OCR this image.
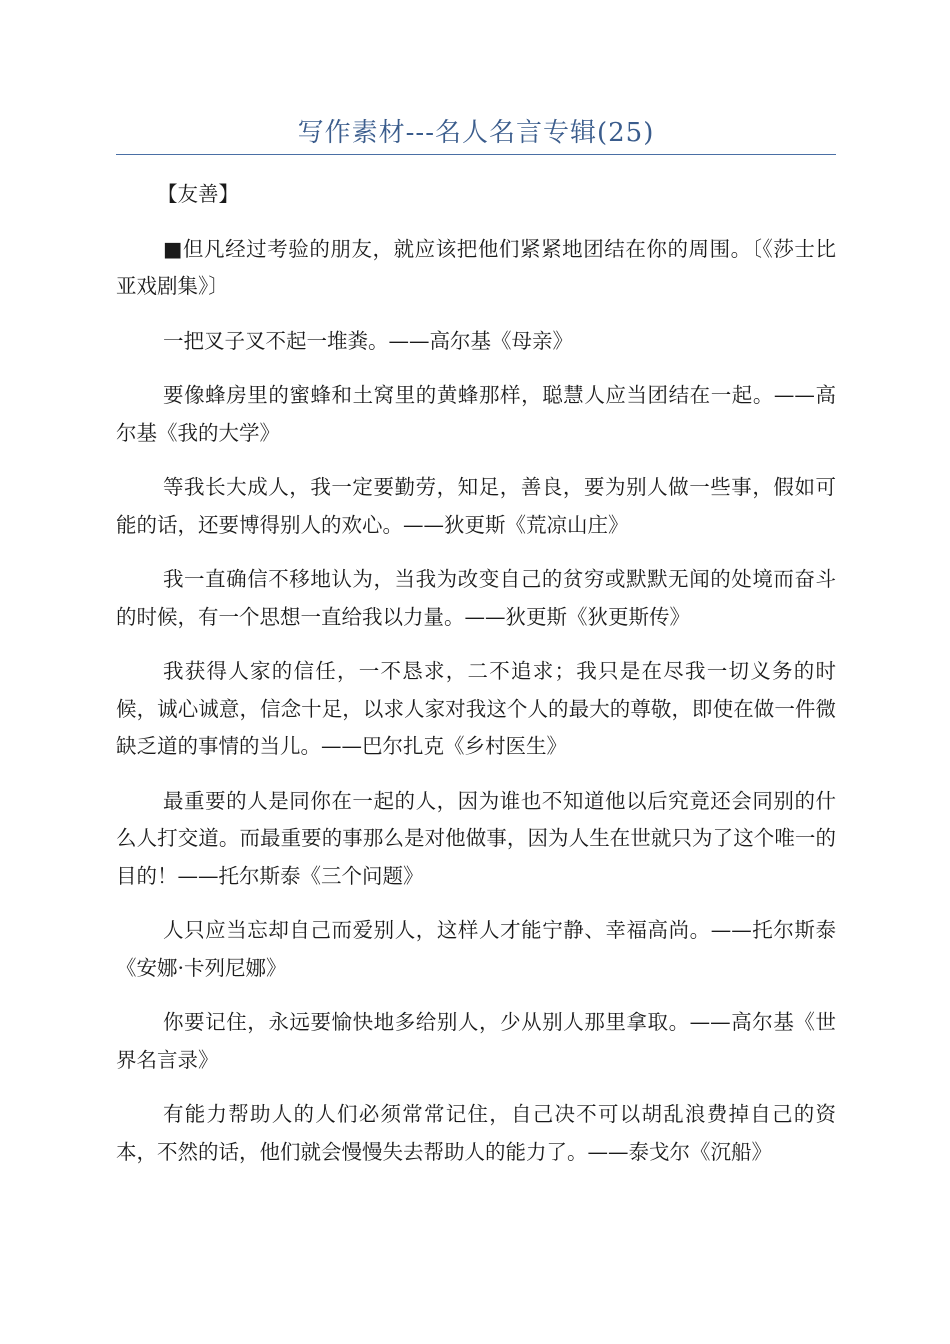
写作素材---名人名言专辑(25)

【友善】

■但凡经过考验的朋友，就应该把他们紧紧地团结在你的周围。〔《莎士比亚戏剧集》〕

一把叉子叉不起一堆粪。——高尔基《母亲》

要像蜂房里的蜜蜂和土窝里的黄蜂那样，聪慧人应当团结在一起。——高尔基《我的大学》

等我长大成人，我一定要勤劳，知足，善良，要为别人做一些事，假如可能的话，还要博得别人的欢心。——狄更斯《荒凉山庄》

我一直确信不移地认为，当我为改变自己的贫穷或默默无闻的处境而奋斗的时候，有一个思想一直给我以力量。——狄更斯《狄更斯传》

我获得人家的信任，一不恳求，二不追求；我只是在尽我一切义务的时候，诚心诚意，信念十足，以求人家对我这个人的最大的尊敬，即使在做一件微缺乏道的事情的当儿。——巴尔扎克《乡村医生》

最重要的人是同你在一起的人，因为谁也不知道他以后究竟还会同别的什么人打交道。而最重要的事那么是对他做事，因为人生在世就只为了这个唯一的目的！——托尔斯泰《三个问题》

人只应当忘却自己而爱别人，这样人才能宁静、幸福高尚。——托尔斯泰《安娜·卡列尼娜》

你要记住，永远要愉快地多给别人，少从别人那里拿取。——高尔基《世界名言录》

有能力帮助人的人们必须常常记住，自己决不可以胡乱浪费掉自己的资本，不然的话，他们就会慢慢失去帮助人的能力了。——泰戈尔《沉船》
